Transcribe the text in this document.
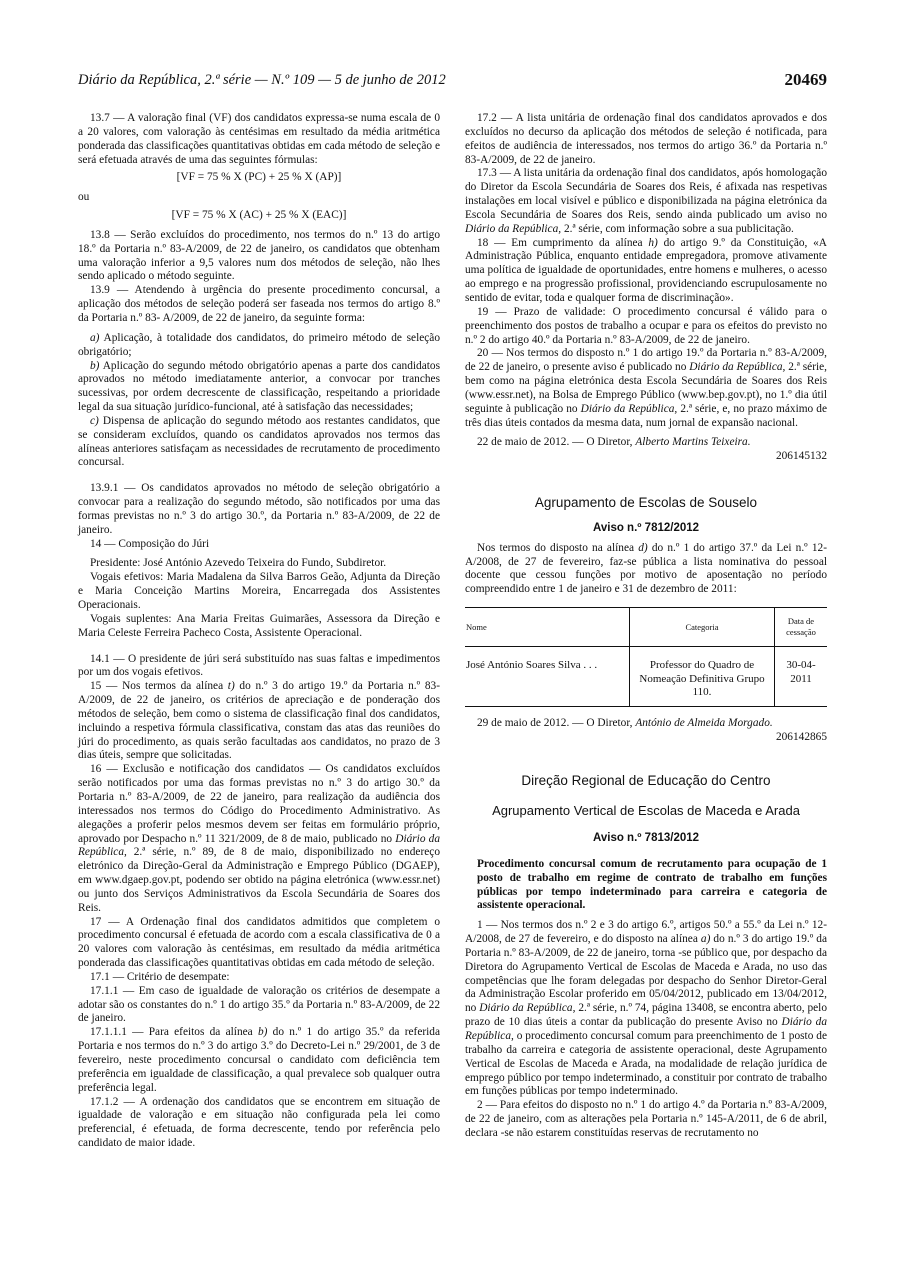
Diário da República, 2.ª série — N.º 109 — 5 de junho de 2012	20469

13.7 — A valoração final (VF) dos candidatos expressa-se numa escala de 0 a 20 valores, com valoração às centésimas em resultado da média aritmética ponderada das classificações quantitativas obtidas em cada método de seleção e será efetuada através de uma das seguintes fórmulas:

[VF = 75 % X (PC) + 25 % X (AP)]

ou

[VF = 75 % X (AC) + 25 % X (EAC)]

13.8 — Serão excluídos do procedimento, nos termos do n.º 13 do artigo 18.º da Portaria n.º 83-A/2009, de 22 de janeiro, os candidatos que obtenham uma valoração inferior a 9,5 valores num dos métodos de seleção, não lhes sendo aplicado o método seguinte.

13.9 — Atendendo à urgência do presente procedimento concursal, a aplicação dos métodos de seleção poderá ser faseada nos termos do artigo 8.º da Portaria n.º 83- A/2009, de 22 de janeiro, da seguinte forma:

a) Aplicação, à totalidade dos candidatos, do primeiro método de seleção obrigatório;

b) Aplicação do segundo método obrigatório apenas a parte dos candidatos aprovados no método imediatamente anterior, a convocar por tranches sucessivas, por ordem decrescente de classificação, respeitando a prioridade legal da sua situação jurídico-funcional, até à satisfação das necessidades;

c) Dispensa de aplicação do segundo método aos restantes candidatos, que se consideram excluídos, quando os candidatos aprovados nos termos das alíneas anteriores satisfaçam as necessidades de recrutamento de procedimento concursal.

13.9.1 — Os candidatos aprovados no método de seleção obrigatório a convocar para a realização do segundo método, são notificados por uma das formas previstas no n.º 3 do artigo 30.º, da Portaria n.º 83-A/2009, de 22 de janeiro.

14 — Composição do Júri

Presidente: José António Azevedo Teixeira do Fundo, Subdiretor.

Vogais efetivos: Maria Madalena da Silva Barros Geão, Adjunta da Direção e Maria Conceição Martins Moreira, Encarregada dos Assistentes Operacionais.

Vogais suplentes: Ana Maria Freitas Guimarães, Assessora da Direção e Maria Celeste Ferreira Pacheco Costa, Assistente Operacional.

14.1 — O presidente de júri será substituído nas suas faltas e impedimentos por um dos vogais efetivos.

15 — Nos termos da alínea t) do n.º 3 do artigo 19.º da Portaria n.º 83-A/2009, de 22 de janeiro, os critérios de apreciação e de ponderação dos métodos de seleção, bem como o sistema de classificação final dos candidatos, incluindo a respetiva fórmula classificativa, constam das atas das reuniões do júri do procedimento, as quais serão facultadas aos candidatos, no prazo de 3 dias úteis, sempre que solicitadas.

16 — Exclusão e notificação dos candidatos — Os candidatos excluídos serão notificados por uma das formas previstas no n.º 3 do artigo 30.º da Portaria n.º 83-A/2009, de 22 de janeiro, para realização da audiência dos interessados nos termos do Código do Procedimento Administrativo. As alegações a proferir pelos mesmos devem ser feitas em formulário próprio, aprovado por Despacho n.º 11 321/2009, de 8 de maio, publicado no Diário da República, 2.ª série, n.º 89, de 8 de maio, disponibilizado no endereço eletrónico da Direção-Geral da Administração e Emprego Público (DGAEP), em www.dgaep.gov.pt, podendo ser obtido na página eletrónica (www.essr.net) ou junto dos Serviços Administrativos da Escola Secundária de Soares dos Reis.

17 — A Ordenação final dos candidatos admitidos que completem o procedimento concursal é efetuada de acordo com a escala classificativa de 0 a 20 valores com valoração às centésimas, em resultado da média aritmética ponderada das classificações quantitativas obtidas em cada método de seleção.

17.1 — Critério de desempate:

17.1.1 — Em caso de igualdade de valoração os critérios de desempate a adotar são os constantes do n.º 1 do artigo 35.º da Portaria n.º 83-A/2009, de 22 de janeiro.

17.1.1.1 — Para efeitos da alínea b) do n.º 1 do artigo 35.º da referida Portaria e nos termos do n.º 3 do artigo 3.º do Decreto-Lei n.º 29/2001, de 3 de fevereiro, neste procedimento concursal o candidato com deficiência tem preferência em igualdade de classificação, a qual prevalece sob qualquer outra preferência legal.

17.1.2 — A ordenação dos candidatos que se encontrem em situação de igualdade de valoração e em situação não configurada pela lei como preferencial, é efetuada, de forma decrescente, tendo por referência pelo candidato de maior idade.

17.2 — A lista unitária de ordenação final dos candidatos aprovados e dos excluídos no decurso da aplicação dos métodos de seleção é notificada, para efeitos de audiência de interessados, nos termos do artigo 36.º da Portaria n.º 83-A/2009, de 22 de janeiro.

17.3 — A lista unitária da ordenação final dos candidatos, após homologação do Diretor da Escola Secundária de Soares dos Reis, é afixada nas respetivas instalações em local visível e público e disponibilizada na página eletrónica da Escola Secundária de Soares dos Reis, sendo ainda publicado um aviso no Diário da República, 2.ª série, com informação sobre a sua publicitação.

18 — Em cumprimento da alínea h) do artigo 9.º da Constituição, «A Administração Pública, enquanto entidade empregadora, promove ativamente uma política de igualdade de oportunidades, entre homens e mulheres, o acesso ao emprego e na progressão profissional, providenciando escrupulosamente no sentido de evitar, toda e qualquer forma de discriminação».

19 — Prazo de validade: O procedimento concursal é válido para o preenchimento dos postos de trabalho a ocupar e para os efeitos do previsto no n.º 2 do artigo 40.º da Portaria n.º 83-A/2009, de 22 de janeiro.

20 — Nos termos do disposto n.º 1 do artigo 19.º da Portaria n.º 83-A/2009, de 22 de janeiro, o presente aviso é publicado no Diário da República, 2.ª série, bem como na página eletrónica desta Escola Secundária de Soares dos Reis (www.essr.net), na Bolsa de Emprego Público (www.bep.gov.pt), no 1.º dia útil seguinte à publicação no Diário da República, 2.ª série, e, no prazo máximo de três dias úteis contados da mesma data, num jornal de expansão nacional.

22 de maio de 2012. — O Diretor, Alberto Martins Teixeira.

206145132

Agrupamento de Escolas de Souselo

Aviso n.º 7812/2012

Nos termos do disposto na alínea d) do n.º 1 do artigo 37.º da Lei n.º 12-A/2008, de 27 de fevereiro, faz-se pública a lista nominativa do pessoal docente que cessou funções por motivo de aposentação no período compreendido entre 1 de janeiro e 31 de dezembro de 2011:

Nome	Categoria	Data de cessação
José António Soares Silva . . .	Professor do Quadro de Nomeação Definitiva Grupo 110.	30-04-2011

29 de maio de 2012. — O Diretor, António de Almeida Morgado.

206142865

Direção Regional de Educação do Centro

Agrupamento Vertical de Escolas de Maceda e Arada

Aviso n.º 7813/2012

Procedimento concursal comum de recrutamento para ocupação de 1 posto de trabalho em regime de contrato de trabalho em funções públicas por tempo indeterminado para carreira e categoria de assistente operacional.

1 — Nos termos dos n.º 2 e 3 do artigo 6.º, artigos 50.º a 55.º da Lei n.º 12-A/2008, de 27 de fevereiro, e do disposto na alínea a) do n.º 3 do artigo 19.º da Portaria n.º 83-A/2009, de 22 de janeiro, torna -se público que, por despacho da Diretora do Agrupamento Vertical de Escolas de Maceda e Arada, no uso das competências que lhe foram delegadas por despacho do Senhor Diretor-Geral da Administração Escolar proferido em 05/04/2012, publicado em 13/04/2012, no Diário da República, 2.ª série, n.º 74, página 13408, se encontra aberto, pelo prazo de 10 dias úteis a contar da publicação do presente Aviso no Diário da República, o procedimento concursal comum para preenchimento de 1 posto de trabalho da carreira e categoria de assistente operacional, deste Agrupamento Vertical de Escolas de Maceda e Arada, na modalidade de relação jurídica de emprego público por tempo indeterminado, a constituir por contrato de trabalho em funções públicas por tempo indeterminado.

2 — Para efeitos do disposto no n.º 1 do artigo 4.º da Portaria n.º 83-A/2009, de 22 de janeiro, com as alterações pela Portaria n.º 145-A/2011, de 6 de abril, declara -se não estarem constituídas reservas de recrutamento no
